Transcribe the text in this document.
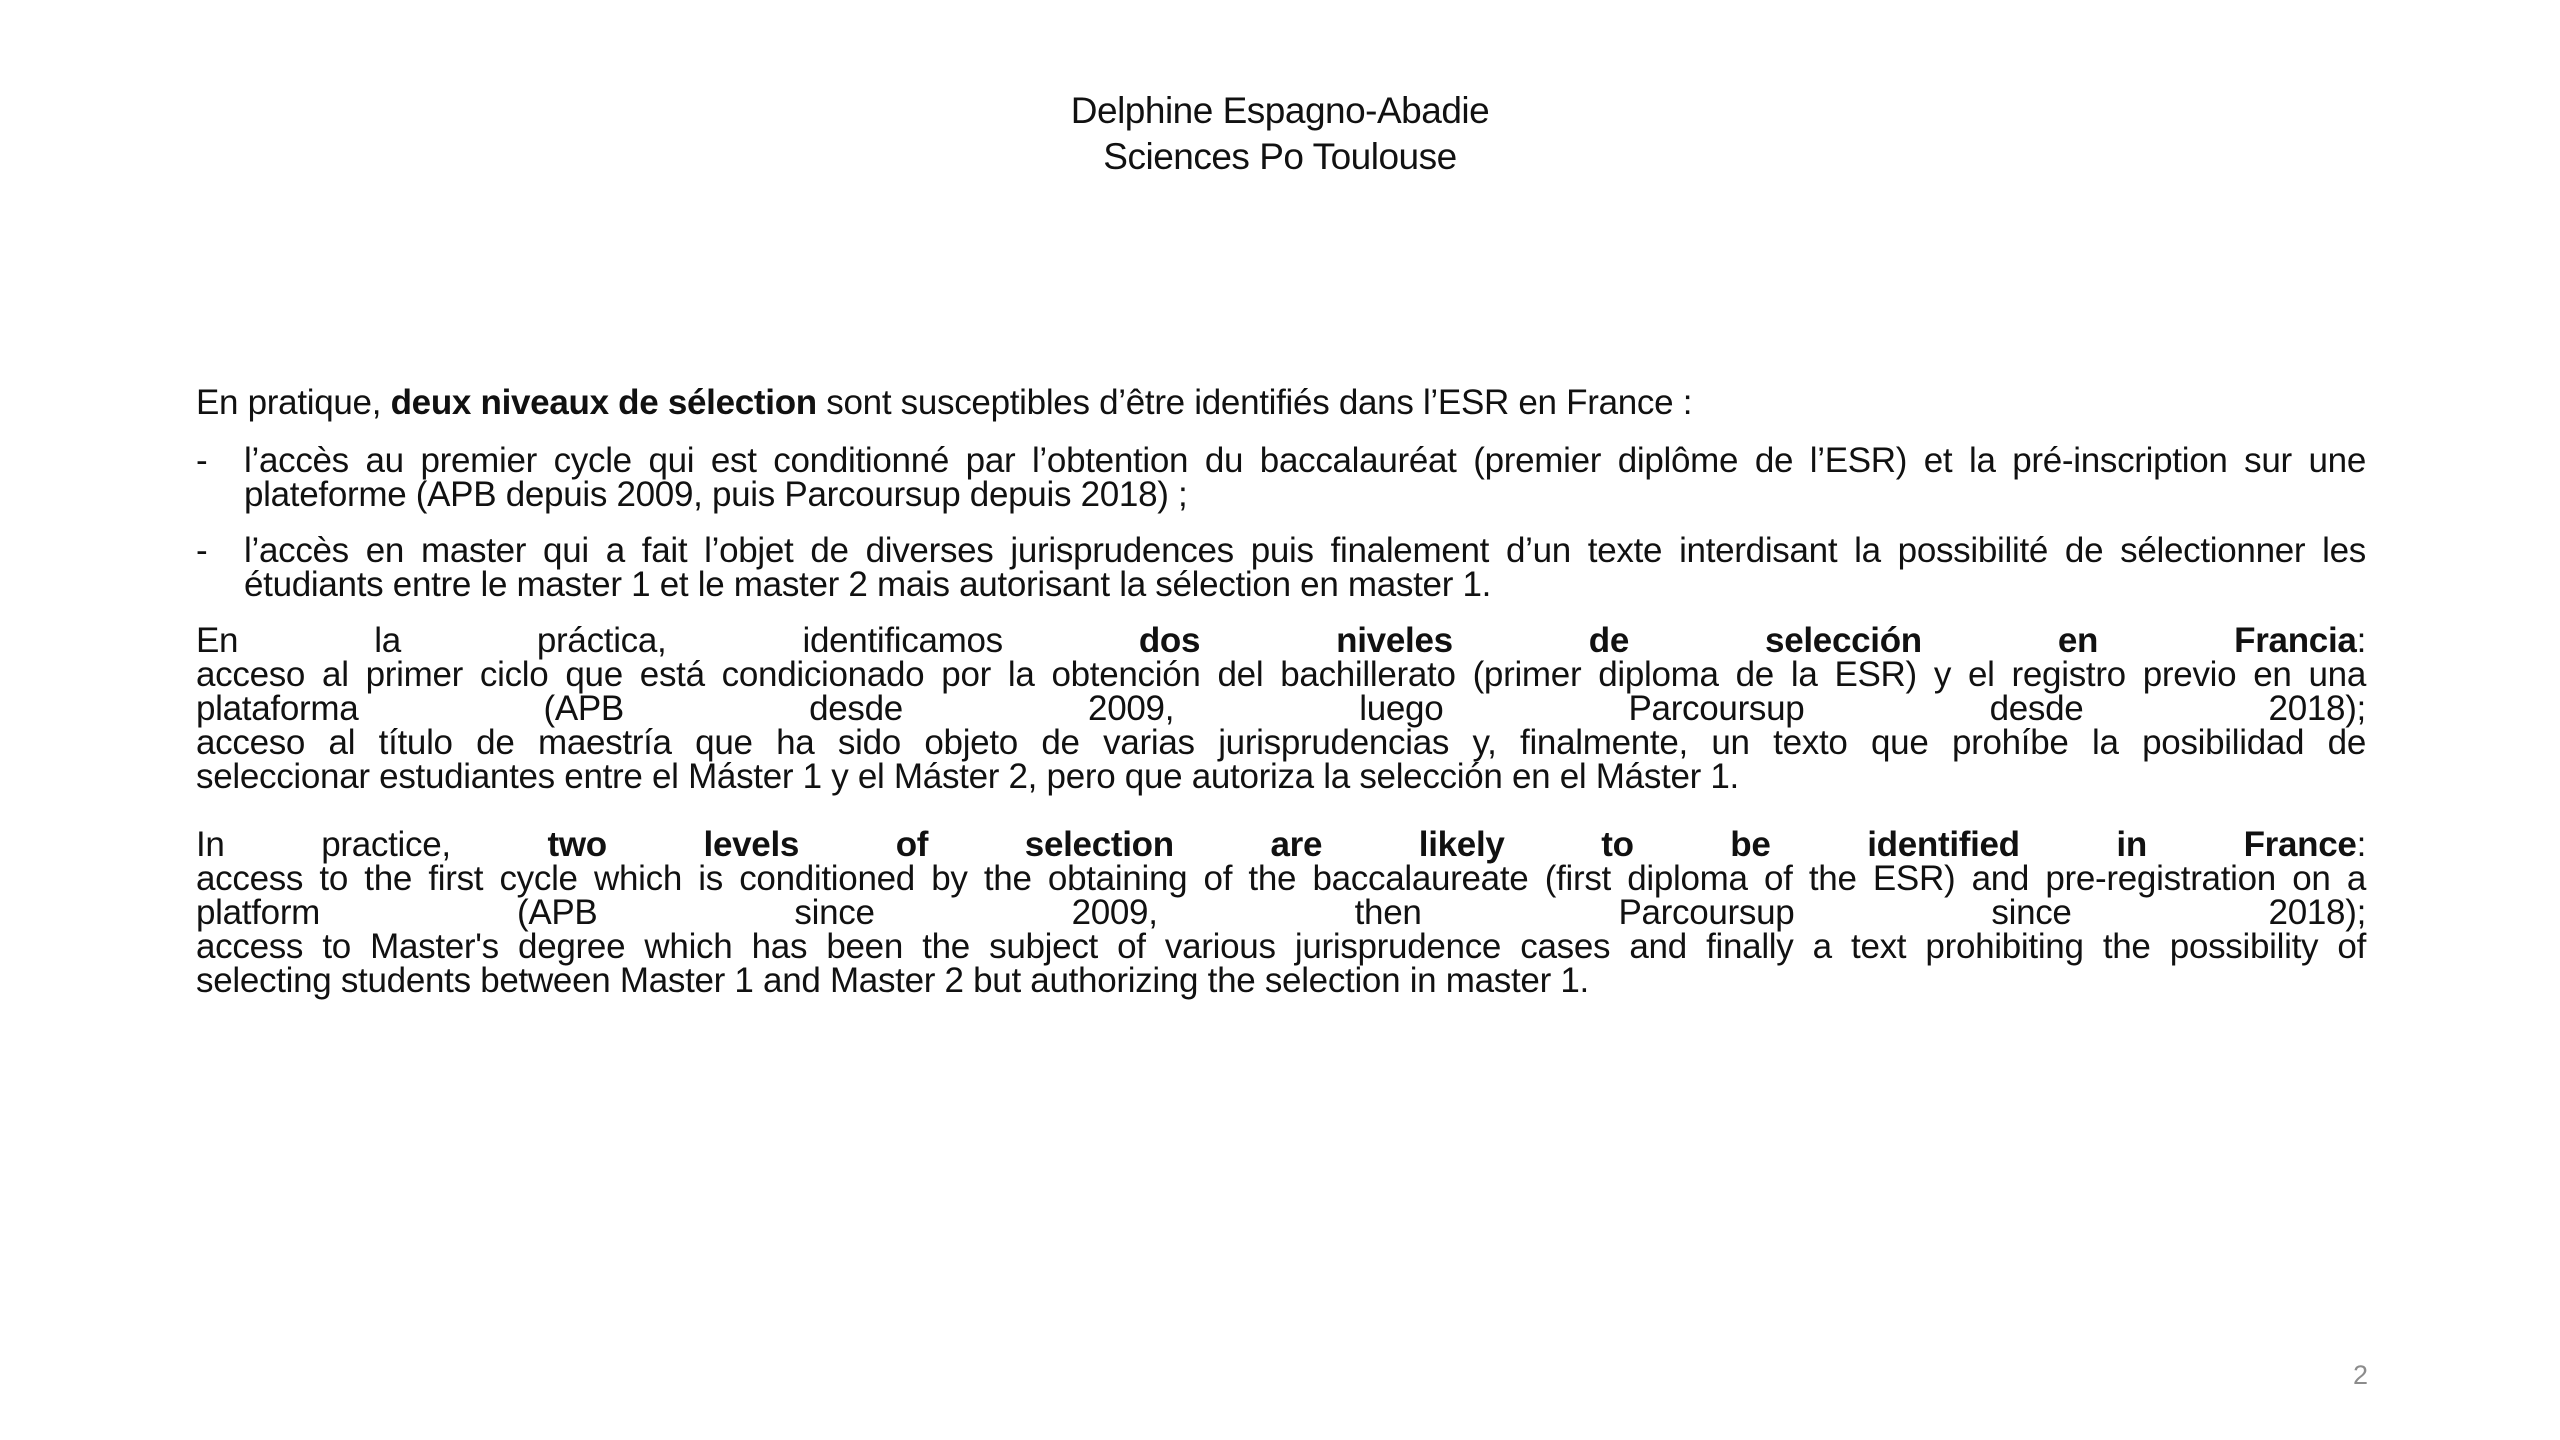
Delphine Espagno-Abadie
Sciences Po Toulouse
En pratique, deux niveaux de sélection sont susceptibles d’être identifiés dans l’ESR en France :
-	l’accès au premier cycle qui est conditionné par l’obtention du baccalauréat (premier diplôme de l’ESR) et la pré-inscription sur une plateforme (APB depuis 2009, puis Parcoursup depuis 2018) ;
-	l’accès en master qui a fait l’objet de diverses jurisprudences puis finalement d’un texte interdisant la possibilité de sélectionner les étudiants entre le master 1 et le master 2 mais autorisant la sélection en master 1.
En la práctica, identificamos dos niveles de selección en Francia:
acceso al primer ciclo que está condicionado por la obtención del bachillerato (primer diploma de la ESR) y el registro previo en una
plataforma (APB desde 2009, luego Parcoursup desde 2018);
acceso al título de maestría que ha sido objeto de varias jurisprudencias y, finalmente, un texto que prohíbe la posibilidad de
seleccionar estudiantes entre el Máster 1 y el Máster 2, pero que autoriza la selección en el Máster 1.
In practice, two levels of selection are likely to be identified in France:
access to the first cycle which is conditioned by the obtaining of the baccalaureate (first diploma of the ESR) and pre-registration on a
platform (APB since 2009, then Parcoursup since 2018);
access to Master's degree which has been the subject of various jurisprudence cases and finally a text prohibiting the possibility of
selecting students between Master 1 and Master 2 but authorizing the selection in master 1.
2
